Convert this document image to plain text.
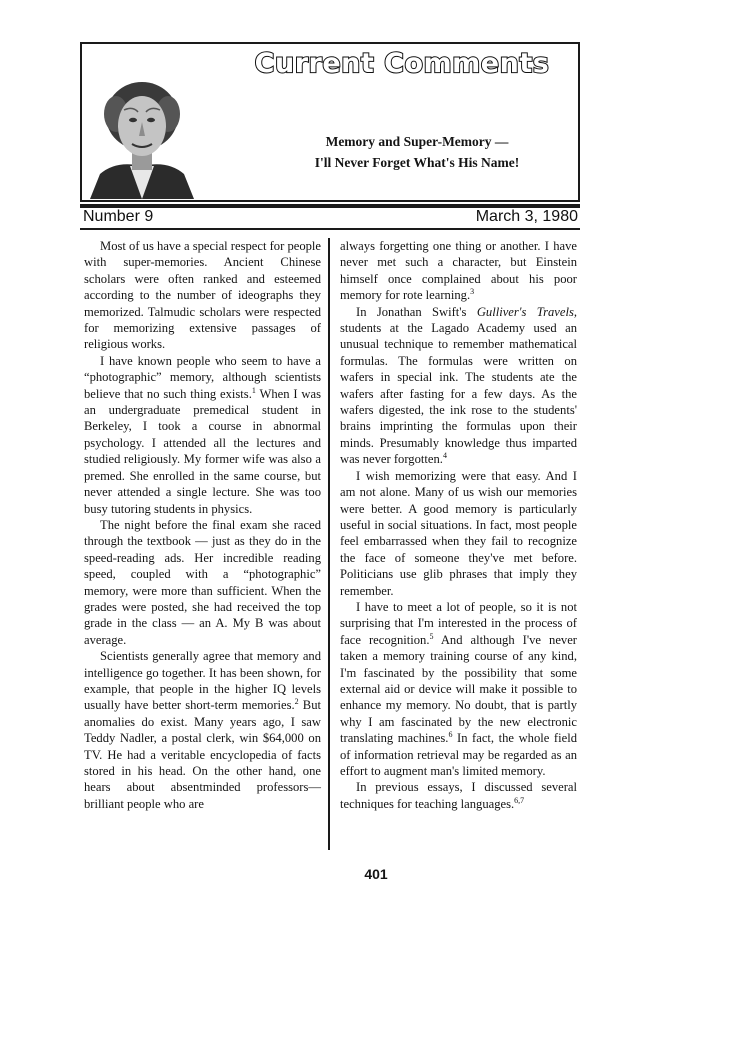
Current Comments
Memory and Super-Memory —
I'll Never Forget What's His Name!
Number 9	March 3, 1980

Most of us have a special respect for people with super-memories. Ancient Chinese scholars were often ranked and esteemed according to the number of ideographs they memorized. Talmudic scholars were respected for memorizing extensive passages of religious works.

I have known people who seem to have a “photographic” memory, although scientists believe that no such thing exists.$^1$ When I was an undergraduate premedical student in Berkeley, I took a course in abnormal psychology. I attended all the lectures and studied religiously. My former wife was also a premed. She enrolled in the same course, but never attended a single lecture. She was too busy tutoring students in physics.

The night before the final exam she raced through the textbook — just as they do in the speed-reading ads. Her incredible reading speed, coupled with a “photographic” memory, were more than sufficient. When the grades were posted, she had received the top grade in the class — an A. My B was about average.

Scientists generally agree that memory and intelligence go together. It has been shown, for example, that people in the higher IQ levels usually have better short-term memories.$^2$ But anomalies do exist. Many years ago, I saw Teddy Nadler, a postal clerk, win $64,000 on TV. He had a veritable encyclopedia of facts stored in his head. On the other hand, one hears about absentminded professors—brilliant people who are

always forgetting one thing or another. I have never met such a character, but Einstein himself once complained about his poor memory for rote learning.$^3$

In Jonathan Swift's Gulliver's Travels, students at the Lagado Academy used an unusual technique to remember mathematical formulas. The formulas were written on wafers in special ink. The students ate the wafers after fasting for a few days. As the wafers digested, the ink rose to the students' brains imprinting the formulas upon their minds. Presumably knowledge thus imparted was never forgotten.$^4$

I wish memorizing were that easy. And I am not alone. Many of us wish our memories were better. A good memory is particularly useful in social situations. In fact, most people feel embarrassed when they fail to recognize the face of someone they've met before. Politicians use glib phrases that imply they remember.

I have to meet a lot of people, so it is not surprising that I'm interested in the process of face recognition.$^5$ And although I've never taken a memory training course of any kind, I'm fascinated by the possibility that some external aid or device will make it possible to enhance my memory. No doubt, that is partly why I am fascinated by the new electronic translating machines.$^6$ In fact, the whole field of information retrieval may be regarded as an effort to augment man's limited memory.

In previous essays, I discussed several techniques for teaching languages.$^{6,7}$

401
